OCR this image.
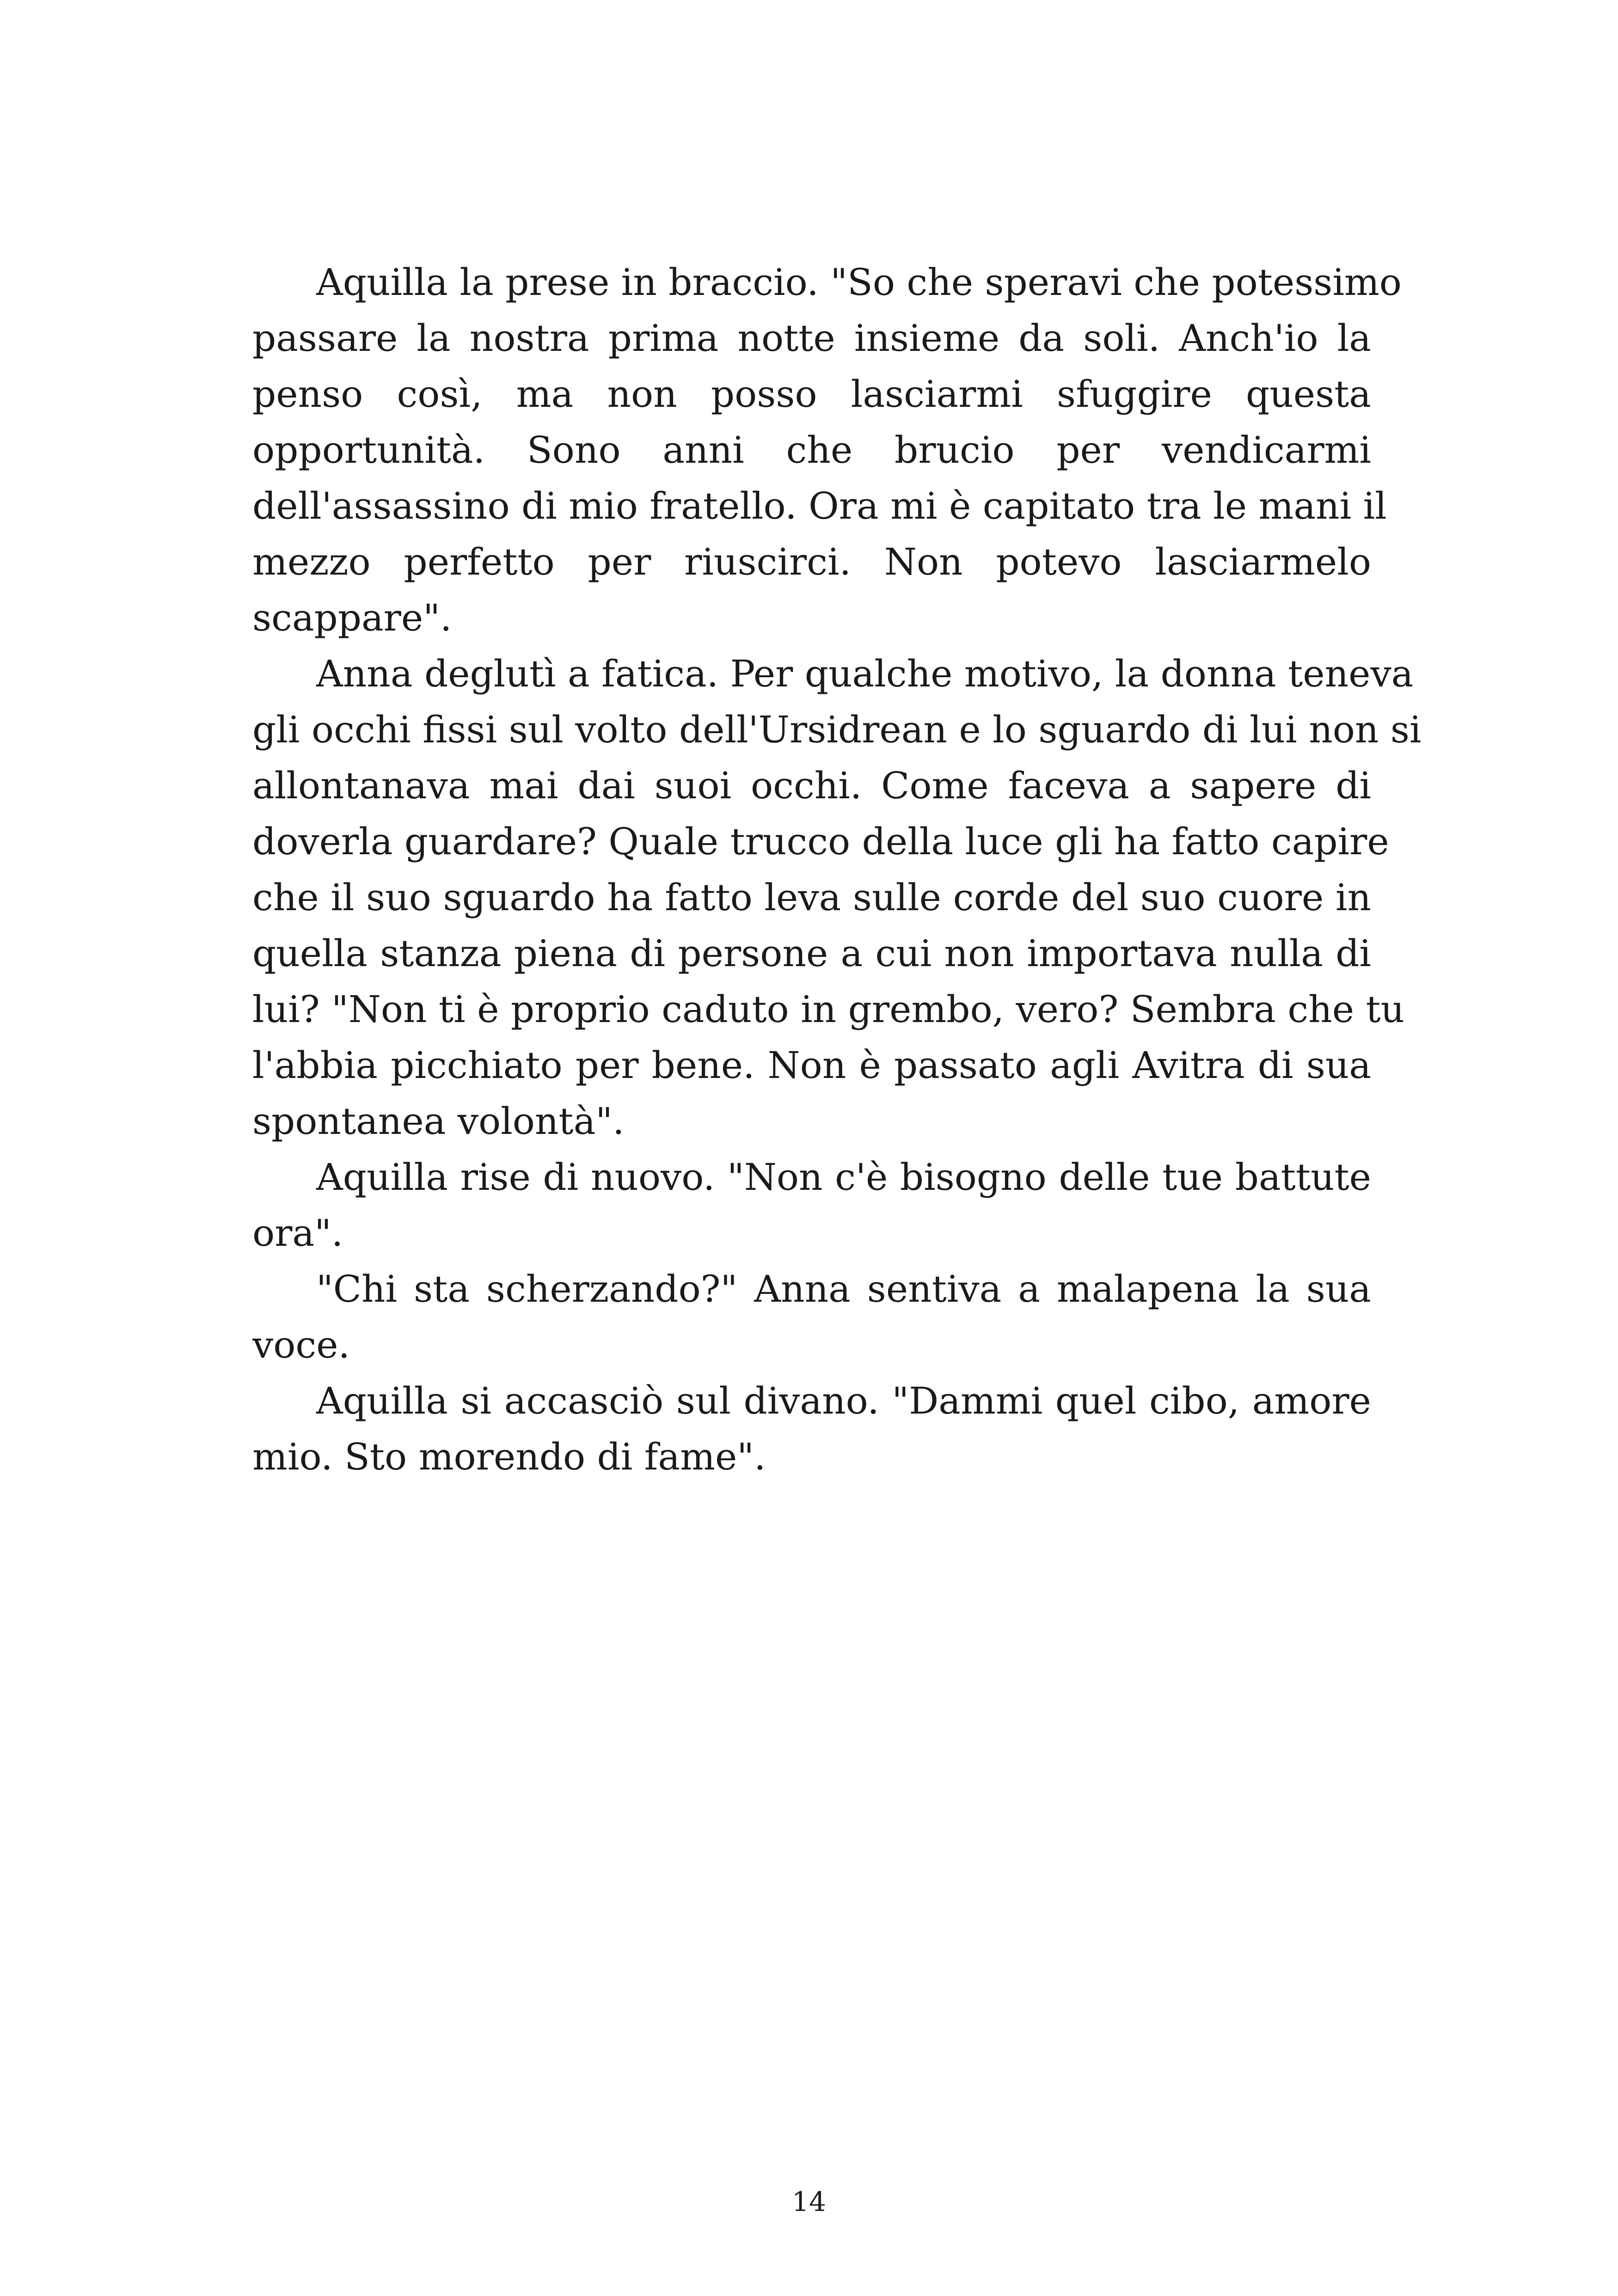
Aquilla la prese in braccio. "So che speravi che potessimo
passare la nostra prima notte insieme da soli. Anch'io la
penso così, ma non posso lasciarmi sfuggire questa
opportunità. Sono anni che brucio per vendicarmi
dell'assassino di mio fratello. Ora mi è capitato tra le mani il
mezzo perfetto per riuscirci. Non potevo lasciarmelo
scappare".
Anna deglutì a fatica. Per qualche motivo, la donna teneva
gli occhi fissi sul volto dell'Ursidrean e lo sguardo di lui non si
allontanava mai dai suoi occhi. Come faceva a sapere di
doverla guardare? Quale trucco della luce gli ha fatto capire
che il suo sguardo ha fatto leva sulle corde del suo cuore in
quella stanza piena di persone a cui non importava nulla di
lui? "Non ti è proprio caduto in grembo, vero? Sembra che tu
l'abbia picchiato per bene. Non è passato agli Avitra di sua
spontanea volontà".
Aquilla rise di nuovo. "Non c'è bisogno delle tue battute
ora".
"Chi sta scherzando?" Anna sentiva a malapena la sua
voce.
Aquilla si accasciò sul divano. "Dammi quel cibo, amore
mio. Sto morendo di fame".
14
